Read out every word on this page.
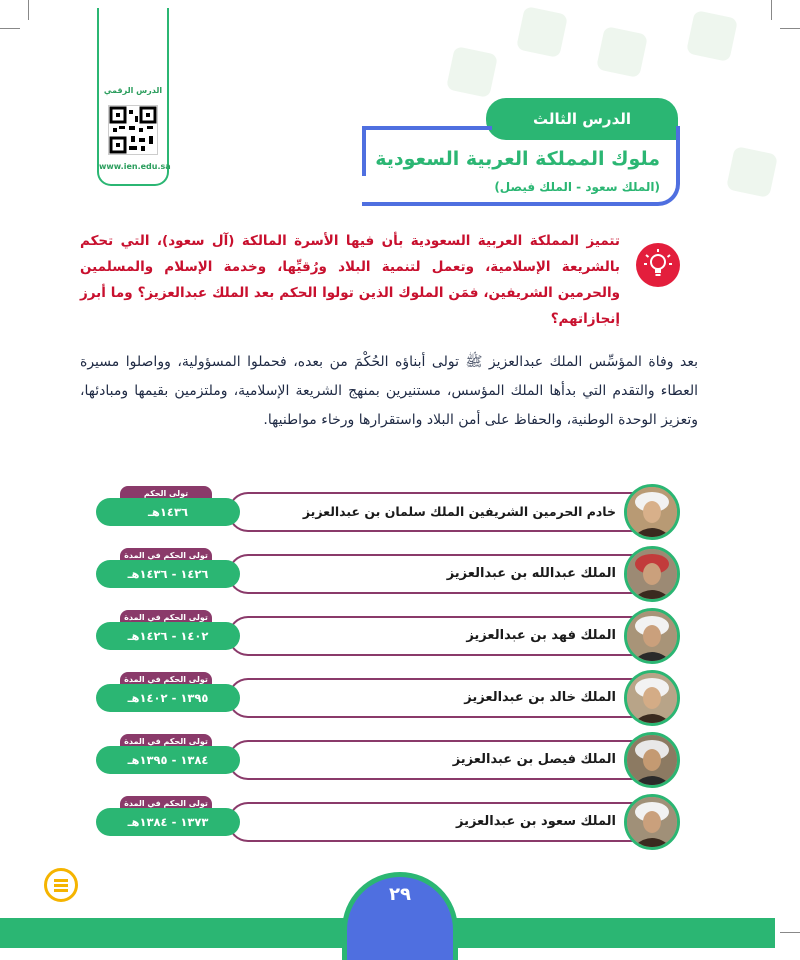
الدرس الرقمي
www.ien.edu.sa
الدرس الثالث
ملوك المملكة العربية السعودية
(الملك سعود - الملك فيصل)

تتميز المملكة العربية السعودية بأن فيها الأسرة المالكة (آل سعود)، التي تحكم بالشريعة الإسلامية، وتعمل لتنمية البلاد ورُقيِّها، وخدمة الإسلام والمسلمين والحرمين الشريفين، فمَن الملوك الذين تولوا الحكم بعد الملك عبدالعزيز؟ وما أبرز إنجازاتهم؟

بعد وفاة المؤسِّس الملك عبدالعزيز ﷺ تولى أبناؤه الحُكْمَ من بعده، فحملوا المسؤولية، وواصلوا مسيرة العطاء والتقدم التي بدأها الملك المؤسس، مستنيرين بمنهج الشريعة الإسلامية، وملتزمين بقيمها ومبادئها، وتعزيز الوحدة الوطنية، والحفاظ على أمن البلاد واستقرارها ورخاء مواطنيها.

خادم الحرمين الشريفين الملك سلمان بن عبدالعزيز
تولى الحكم
١٤٣٦هـ
الملك عبدالله بن عبدالعزيز
تولى الحكم في المدة
١٤٢٦ - ١٤٣٦هـ
الملك فهد بن عبدالعزيز
تولى الحكم في المدة
١٤٠٢ - ١٤٢٦هـ
الملك خالد بن عبدالعزيز
تولى الحكم في المدة
١٣٩٥ - ١٤٠٢هـ
الملك فيصل بن عبدالعزيز
تولى الحكم في المدة
١٣٨٤ - ١٣٩٥هـ
الملك سعود بن عبدالعزيز
تولى الحكم في المدة
١٣٧٣ - ١٣٨٤هـ
٢٩
